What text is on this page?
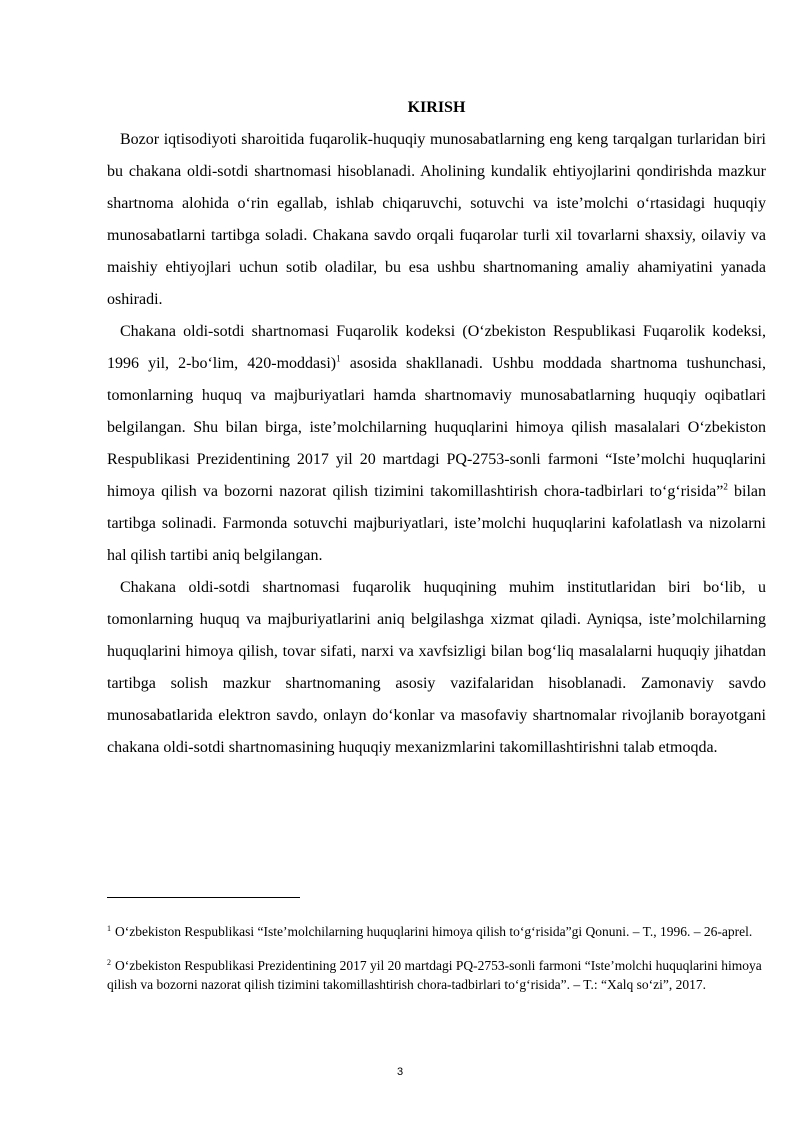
KIRISH

Bozor iqtisodiyoti sharoitida fuqarolik-huquqiy munosabatlarning eng keng tarqalgan turlaridan biri bu chakana oldi-sotdi shartnomasi hisoblanadi. Aholining kundalik ehtiyojlarini qondirishda mazkur shartnoma alohida o‘rin egallab, ishlab chiqaruvchi, sotuvchi va iste’molchi o‘rtasidagi huquqiy munosabatlarni tartibga soladi. Chakana savdo orqali fuqarolar turli xil tovarlarni shaxsiy, oilaviy va maishiy ehtiyojlari uchun sotib oladilar, bu esa ushbu shartnomaning amaliy ahamiyatini yanada oshiradi.

Chakana oldi-sotdi shartnomasi Fuqarolik kodeksi (O‘zbekiston Respublikasi Fuqarolik kodeksi, 1996 yil, 2-bo‘lim, 420-moddasi)$^1$ asosida shakllanadi. Ushbu moddada shartnoma tushunchasi, tomonlarning huquq va majburiyatlari hamda shartnomaviy munosabatlarning huquqiy oqibatlari belgilangan. Shu bilan birga, iste’molchilarning huquqlarini himoya qilish masalalari O‘zbekiston Respublikasi Prezidentining 2017 yil 20 martdagi PQ-2753-sonli farmoni “Iste’molchi huquqlarini himoya qilish va bozorni nazorat qilish tizimini takomillashtirish chora-tadbirlari to‘g‘risida”$^2$ bilan tartibga solinadi. Farmonda sotuvchi majburiyatlari, iste’molchi huquqlarini kafolatlash va nizolarni hal qilish tartibi aniq belgilangan.

Chakana oldi-sotdi shartnomasi fuqarolik huquqining muhim institutlaridan biri bo‘lib, u tomonlarning huquq va majburiyatlarini aniq belgilashga xizmat qiladi. Ayniqsa, iste’molchilarning huquqlarini himoya qilish, tovar sifati, narxi va xavfsizligi bilan bog‘liq masalalarni huquqiy jihatdan tartibga solish mazkur shartnomaning asosiy vazifalaridan hisoblanadi. Zamonaviy savdo munosabatlarida elektron savdo, onlayn do‘konlar va masofaviy shartnomalar rivojlanib borayotgani chakana oldi-sotdi shartnomasining huquqiy mexanizmlarini takomillashtirishni talab etmoqda.

$^1$ O‘zbekiston Respublikasi “Iste’molchilarning huquqlarini himoya qilish to‘g‘risida”gi Qonuni. – T., 1996. – 26-aprel.

$^2$ O‘zbekiston Respublikasi Prezidentining 2017 yil 20 martdagi PQ-2753-sonli farmoni “Iste’molchi huquqlarini himoya qilish va bozorni nazorat qilish tizimini takomillashtirish chora-tadbirlari to‘g‘risida”. – T.: “Xalq so‘zi”, 2017.

3
